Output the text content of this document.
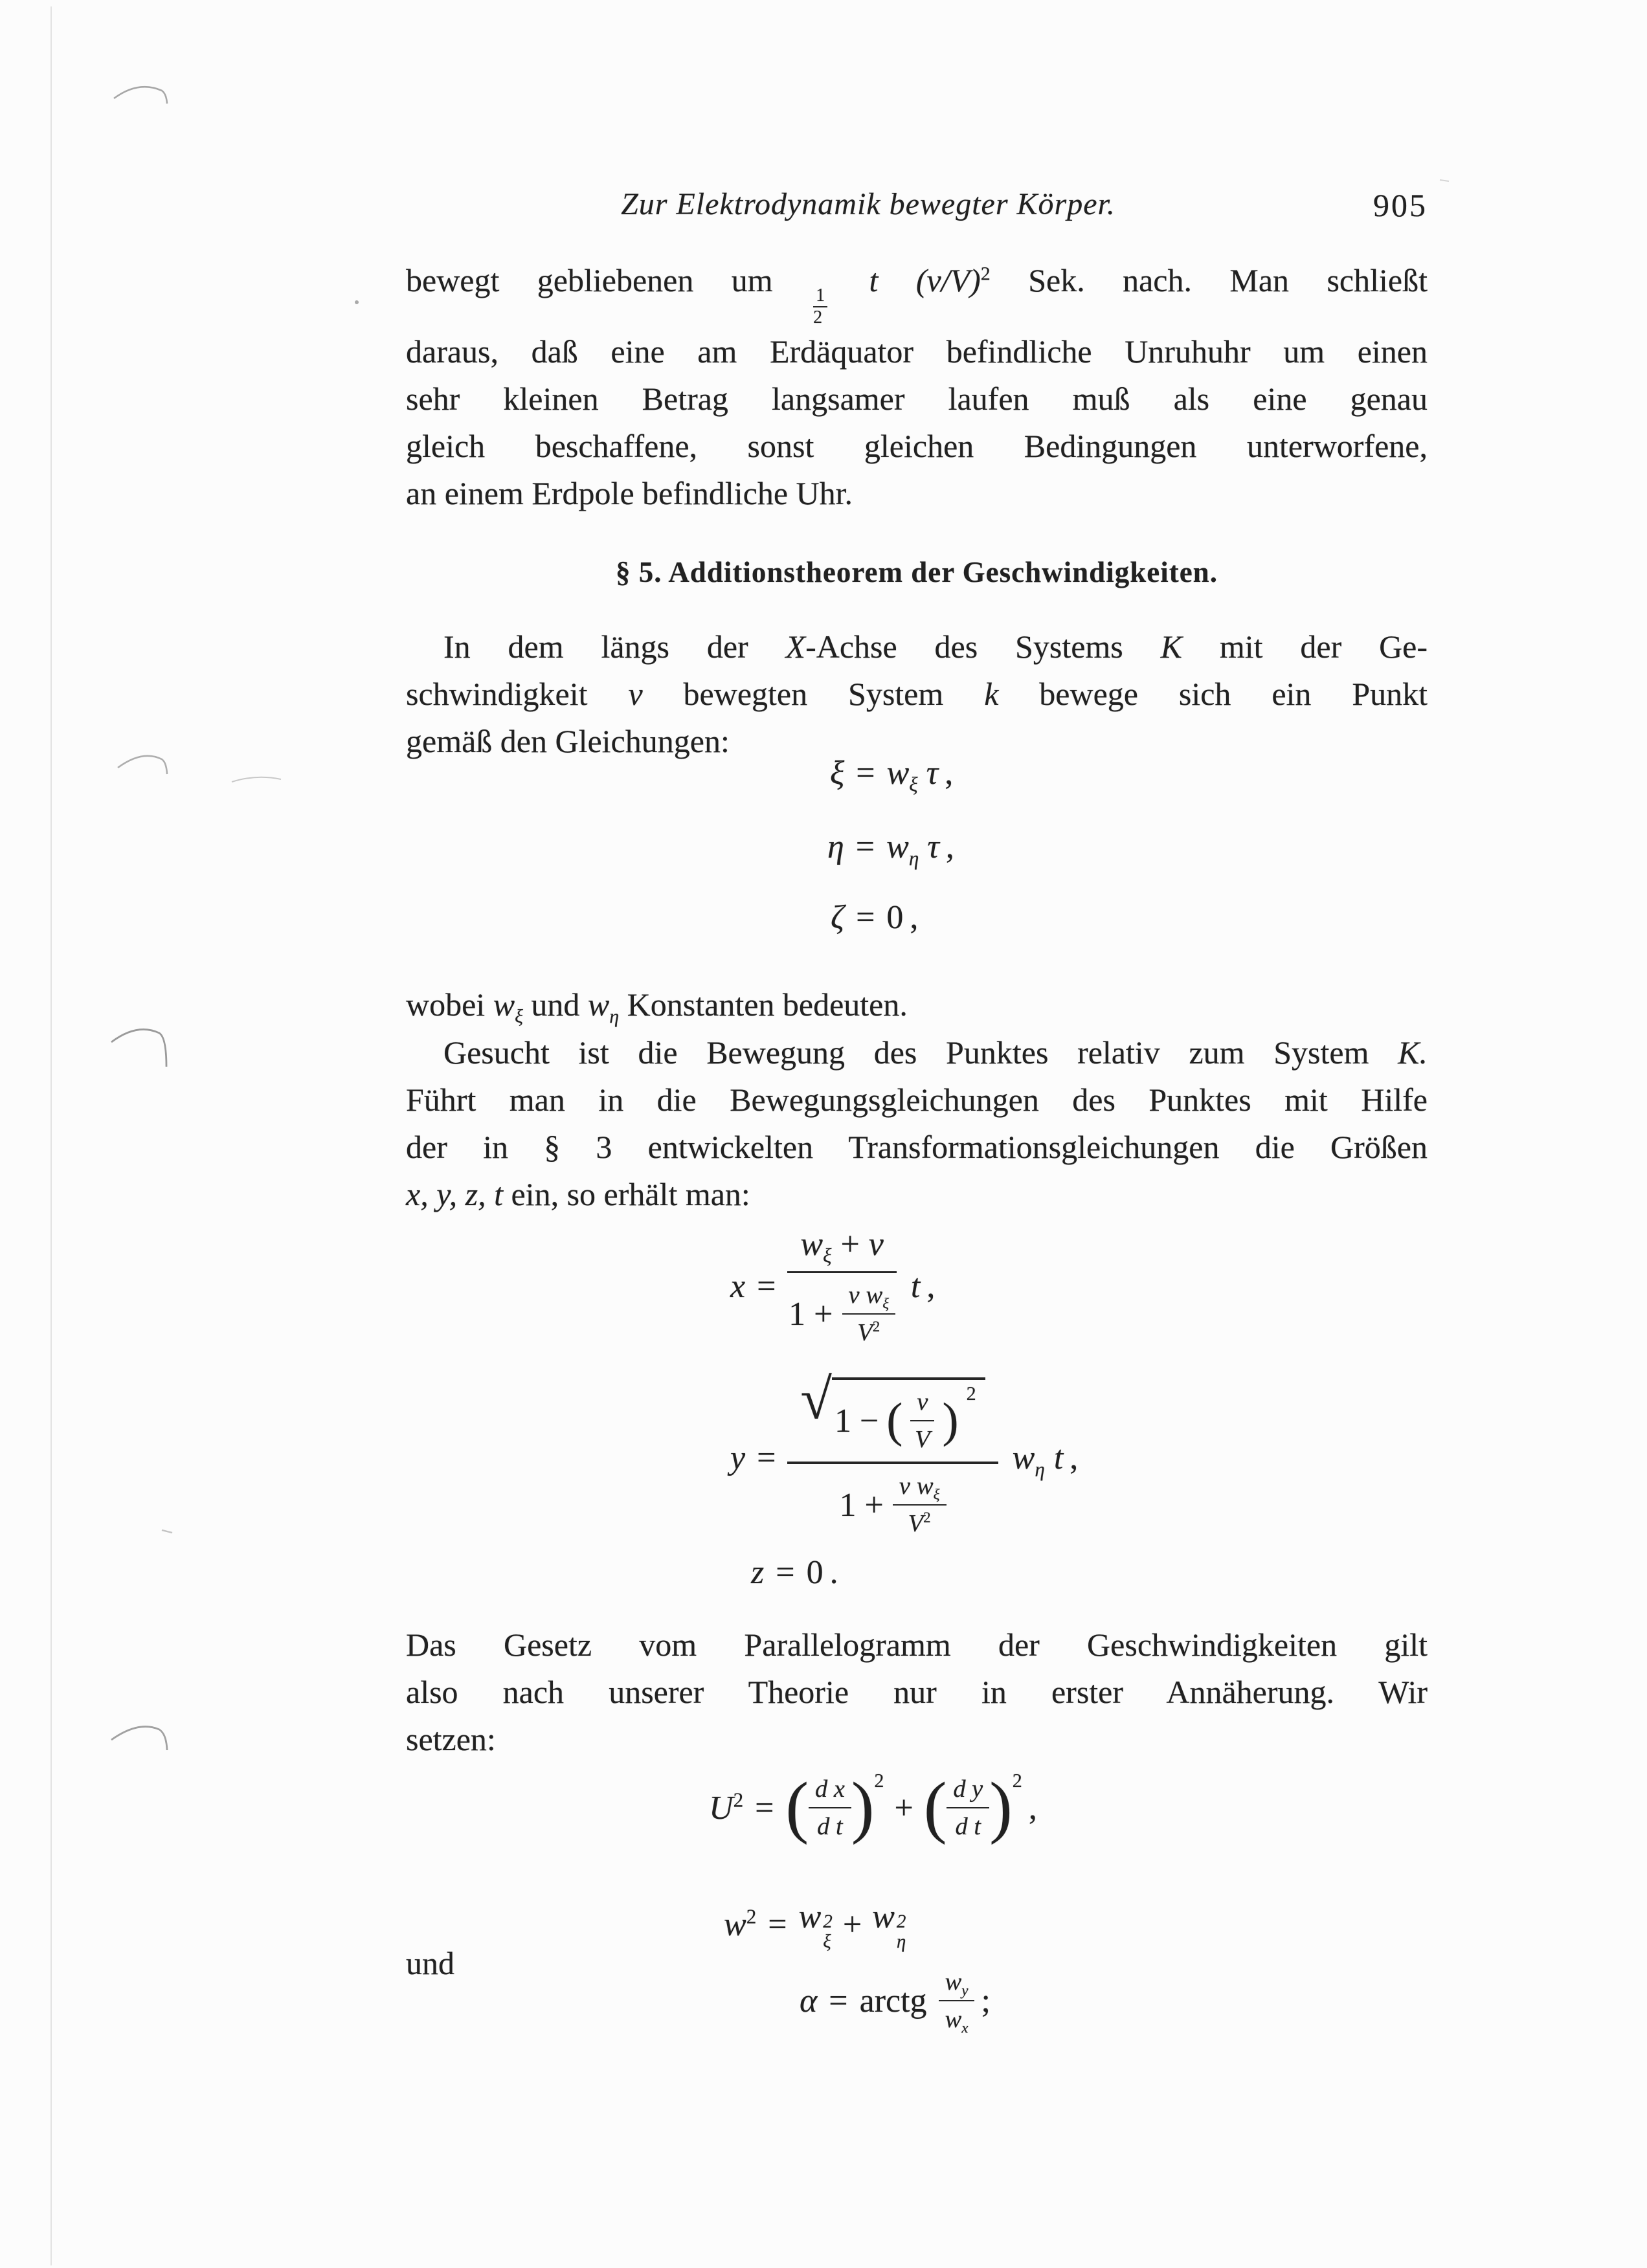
Zur Elektrodynamik bewegter Körper.	905
bewegt gebliebenen um
$\frac{1}{2}$
t $(v/V)^2$ Sek. nach. Man schließt
daraus, daß eine am Erdäquator befindliche Unruhuhr um einen
sehr kleinen Betrag langsamer laufen muß als eine genau
gleich beschaffene, sonst gleichen Bedingungen unterworfene,
an einem Erdpole befindliche Uhr.
§ 5. Additionstheorem der Geschwindigkeiten.
In dem längs der X-Achse des Systems K mit der Ge-
schwindigkeit v bewegten System k bewege sich ein Punkt
gemäß den Gleichungen:
$\xi = w_\xi$ τ ,
$\eta = w_\eta$ τ ,
ζ = 0 ,
wobei $w_\xi$ und $w_\eta$ Konstanten bedeuten.
Gesucht ist die Bewegung des Punktes relativ zum System K.
Führt man in die Bewegungsgleichungen des Punktes mit Hilfe
der in § 3 entwickelten Transformationsgleichungen die Größen
x, y, z, t ein, so erhält man:
x =
$w_\xi + v$
$1 + \frac{v w_\xi}{V^2}$ t ,
y =
√ 1 − ( $\frac{v}{V}$ )
2
$1 + \frac{v w_\xi}{V^2}$
$w_\eta$ t ,
z = 0 .
Das Gesetz vom Parallelogramm der Geschwindigkeiten gilt
also nach unserer Theorie nur in erster Annäherung. Wir
setzen:
$U^2$ = ( $\frac{\text{d x}}{\text{d t}}$ ) 2
+ ( $\frac{\text{d y}}{\text{d t}}$ ) 2
,
$w^2 = w$ 2
ξ + w 2
η
und
α = arctg $\frac{w_y}{w_x}$ ;
